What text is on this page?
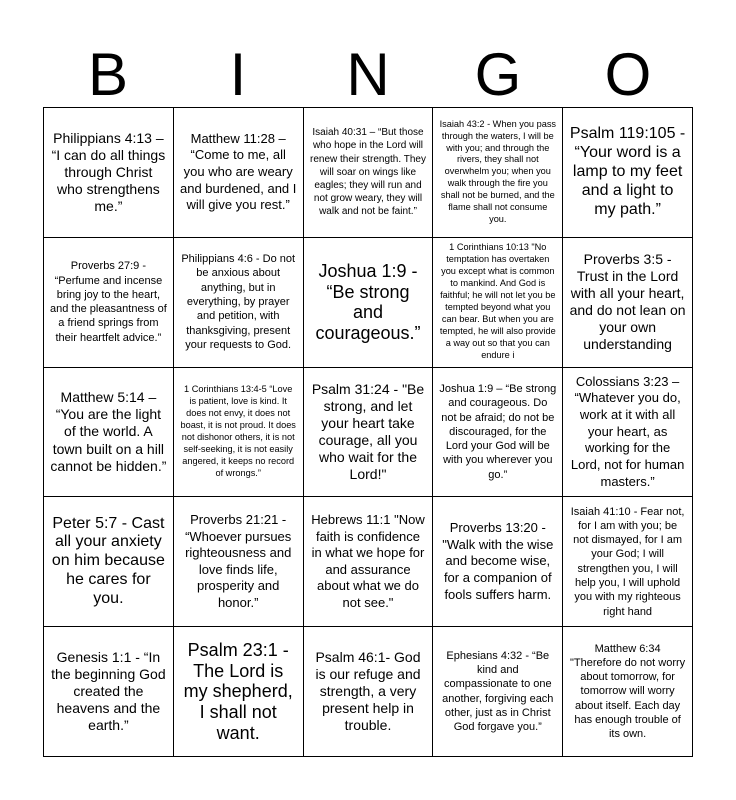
B	I	N	G	O
Philippians 4:13 – “I can do all things through Christ who strengthens me.”
Matthew 11:28 – “Come to me, all you who are weary and burdened, and I will give you rest.”
Isaiah 40:31 – “But those who hope in the Lord will renew their strength. They will soar on wings like eagles; they will run and not grow weary, they will walk and not be faint.”
Isaiah 43:2 - When you pass through the waters, I will be with you; and through the rivers, they shall not overwhelm you; when you walk through the fire you shall not be burned, and the flame shall not consume you.
Psalm 119:105 - “Your word is a lamp to my feet and a light to my path.”
Proverbs 27:9 - “Perfume and incense bring joy to the heart, and the pleasantness of a friend springs from their heartfelt advice.”
Philippians 4:6 - Do not be anxious about anything, but in everything, by prayer and petition, with thanksgiving, present your requests to God.
Joshua 1:9 - “Be strong and courageous.”
1 Corinthians 10:13 "No temptation has overtaken you except what is common to mankind. And God is faithful; he will not let you be tempted beyond what you can bear. But when you are tempted, he will also provide a way out so that you can endure i
Proverbs 3:5 - Trust in the Lord with all your heart, and do not lean on your own understanding
Matthew 5:14 – “You are the light of the world. A town built on a hill cannot be hidden.”
1 Corinthians 13:4-5 “Love is patient, love is kind. It does not envy, it does not boast, it is not proud. It does not dishonor others, it is not self-seeking, it is not easily angered, it keeps no record of wrongs.”
Psalm 31:24 - "Be strong, and let your heart take courage, all you who wait for the Lord!"
Joshua 1:9 – “Be strong and courageous. Do not be afraid; do not be discouraged, for the Lord your God will be with you wherever you go.”
Colossians 3:23 – “Whatever you do, work at it with all your heart, as working for the Lord, not for human masters.”
Peter 5:7 - Cast all your anxiety on him because he cares for you.
Proverbs 21:21 - “Whoever pursues righteousness and love finds life, prosperity and honor.”
Hebrews 11:1 "Now faith is confidence in what we hope for and assurance about what we do not see."
Proverbs 13:20 - "Walk with the wise and become wise, for a companion of fools suffers harm.
Isaiah 41:10 - Fear not, for I am with you; be not dismayed, for I am your God; I will strengthen you, I will help you, I will uphold you with my righteous right hand
Genesis 1:1 - “In the beginning God created the heavens and the earth.”
Psalm 23:1 - The Lord is my shepherd, I shall not want.
Psalm 46:1- God is our refuge and strength, a very present help in trouble.
Ephesians 4:32 - “Be kind and compassionate to one another, forgiving each other, just as in Christ God forgave you.”
Matthew 6:34 "Therefore do not worry about tomorrow, for tomorrow will worry about itself. Each day has enough trouble of its own.
